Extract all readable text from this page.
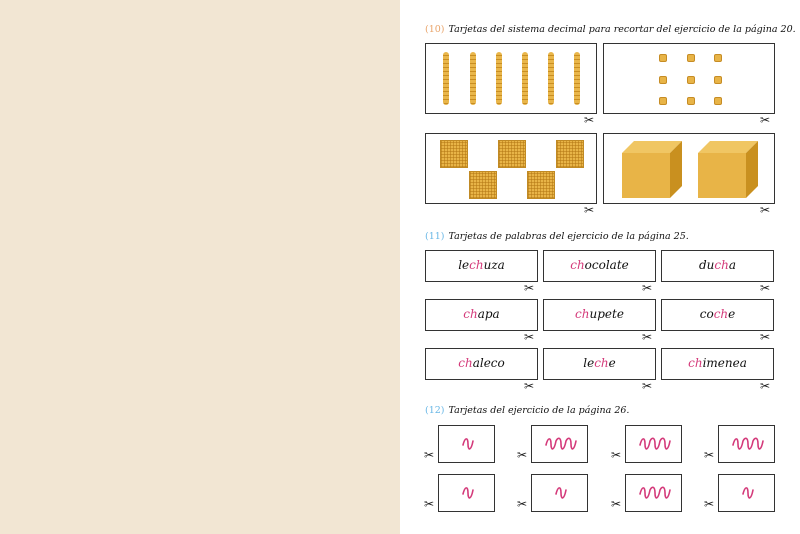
(10) Tarjetas del sistema decimal para recortar del ejercicio de la página 20.
✂	✂
✂	✂
(11) Tarjetas de palabras del ejercicio de la página 25.
lechuza
✂
chocolate
✂
ducha
✂
chapa
✂
chupete
✂
coche
✂
chaleco
✂
leche
✂
chimenea
✂
(12) Tarjetas del ejercicio de la página 26.
✂	✂	✂	✂
✂	✂	✂	✂
